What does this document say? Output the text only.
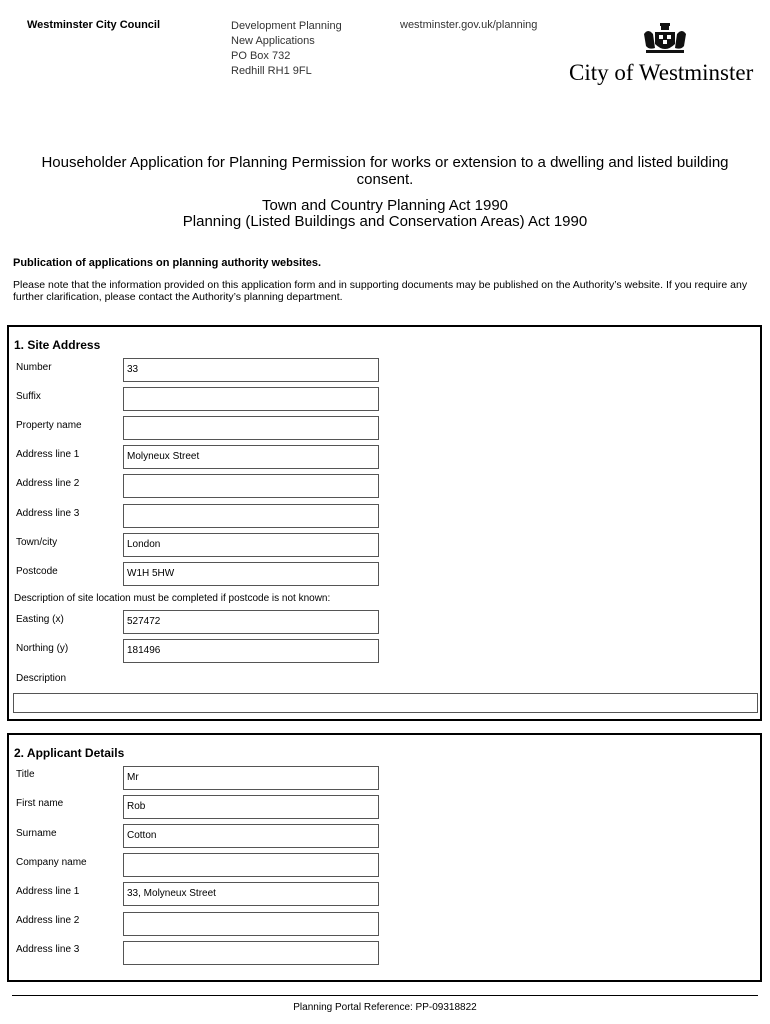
Westminster City Council	Development Planning
New Applications
PO Box 732
Redhill RH1 9FL
westminster.gov.uk/planning
City of Westminster
Householder Application for Planning Permission for works or extension to a dwelling and listed building consent.
Town and Country Planning Act 1990
Planning (Listed Buildings and Conservation Areas) Act 1990
Publication of applications on planning authority websites.
Please note that the information provided on this application form and in supporting documents may be published on the Authority’s website. If you require any further clarification, please contact the Authority’s planning department.
1. Site Address
Number	33
Suffix
Property name
Address line 1	Molyneux Street
Address line 2
Address line 3
Town/city	London
Postcode	W1H 5HW
Description of site location must be completed if postcode is not known:
Easting (x)	527472
Northing (y)	181496
Description
2. Applicant Details
Title	Mr
First name	Rob
Surname	Cotton
Company name
Address line 1	33, Molyneux Street
Address line 2
Address line 3
Planning Portal Reference: PP-09318822
